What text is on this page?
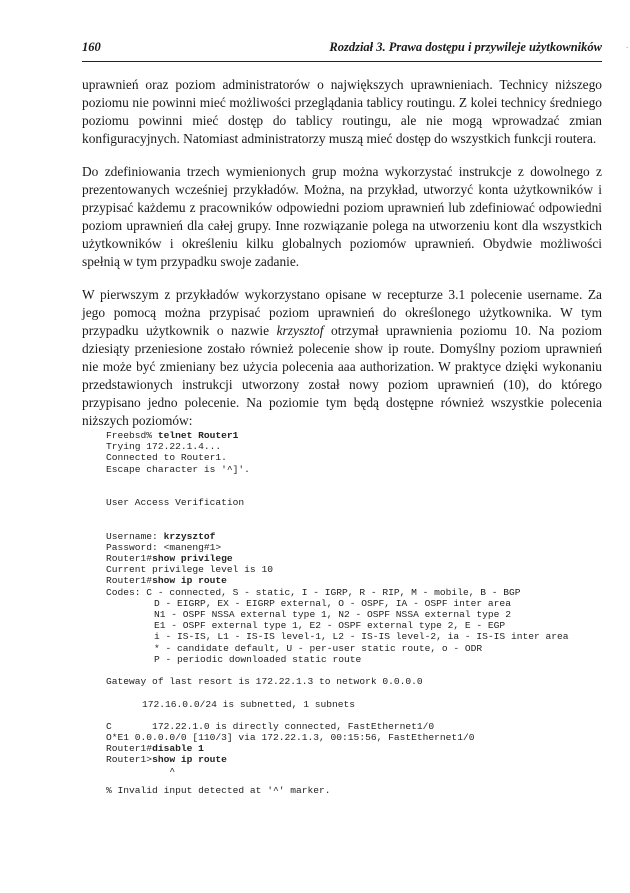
160	Rozdział 3. Prawa dostępu i przywileje użytkowników	.

uprawnień oraz poziom administratorów o największych uprawnieniach. Technicy niższego poziomu nie powinni mieć możliwości przeglądania tablicy routingu. Z kolei technicy średniego poziomu powinni mieć dostęp do tablicy routingu, ale nie mogą wprowadzać zmian konfiguracyjnych. Natomiast administratorzy muszą mieć dostęp do wszystkich funkcji routera.

Do zdefiniowania trzech wymienionych grup można wykorzystać instrukcje z dowolnego z prezentowanych wcześniej przykładów. Można, na przykład, utworzyć konta użytkowników i przypisać każdemu z pracowników odpowiedni poziom uprawnień lub zdefiniować odpowiedni poziom uprawnień dla całej grupy. Inne rozwiązanie polega na utworzeniu kont dla wszystkich użytkowników i określeniu kilku globalnych poziomów uprawnień. Obydwie możliwości spełnią w tym przypadku swoje zadanie.

W pierwszym z przykładów wykorzystano opisane w recepturze 3.1 polecenie username. Za jego pomocą można przypisać poziom uprawnień do określonego użytkownika. W tym przypadku użytkownik o nazwie krzysztof otrzymał uprawnienia poziomu 10. Na poziom dziesiąty przeniesione zostało również polecenie show ip route. Domyślny poziom uprawnień nie może być zmieniany bez użycia polecenia aaa authorization. W praktyce dzięki wykonaniu przedstawionych instrukcji utworzony został nowy poziom uprawnień (10), do którego przypisano jedno polecenie. Na poziomie tym będą dostępne również wszystkie polecenia niższych poziomów:

Freebsd% telnet Router1
Trying 172.22.1.4...
Connected to Router1.
Escape character is '^]'.
User Access Verification
Username: krzysztof
Password: <maneng#1>
Router1#show privilege
Current privilege level is 10
Router1#show ip route
Codes: C - connected, S - static, I - IGRP, R - RIP, M - mobile, B - BGP
D - EIGRP, EX - EIGRP external, O - OSPF, IA - OSPF inter area
N1 - OSPF NSSA external type 1, N2 - OSPF NSSA external type 2
E1 - OSPF external type 1, E2 - OSPF external type 2, E - EGP
i - IS-IS, L1 - IS-IS level-1, L2 - IS-IS level-2, ia - IS-IS inter area
* - candidate default, U - per-user static route, o - ODR
P - periodic downloaded static route
Gateway of last resort is 172.22.1.3 to network 0.0.0.0
172.16.0.0/24 is subnetted, 1 subnets
C       172.22.1.0 is directly connected, FastEthernet1/0
O*E1 0.0.0.0/0 [110/3] via 172.22.1.3, 00:15:56, FastEthernet1/0
Router1#disable 1
Router1>show ip route
^
% Invalid input detected at '^' marker.
